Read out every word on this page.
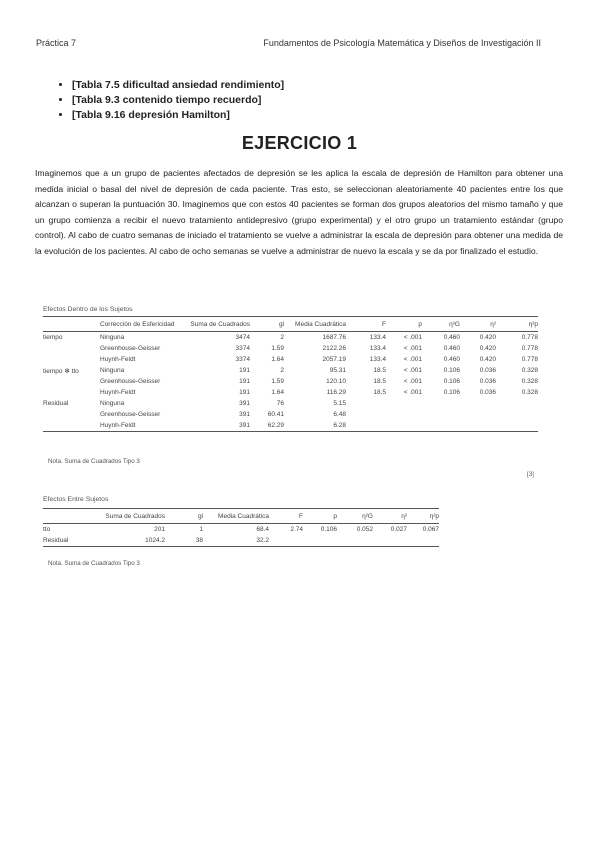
Práctica 7	Fundamentos de Psicología Matemática y Diseños de Investigación II
• [Tabla 7.5 dificultad ansiedad rendimiento]
• [Tabla 9.3 contenido tiempo recuerdo]
• [Tabla 9.16 depresión Hamilton]
EJERCICIO 1

Imaginemos que a un grupo de pacientes afectados de depresión se les aplica la escala de depresión de Hamilton para obtener una medida inicial o basal del nivel de depresión de cada paciente. Tras esto, se seleccionan aleatoriamente 40 pacientes entre los que alcanzan o superan la puntuación 30. Imaginemos que con estos 40 pacientes se forman dos grupos aleatorios del mismo tamaño y que un grupo comienza a recibir el nuevo tratamiento antidepresivo (grupo experimental) y el otro grupo un tratamiento estándar (grupo control). Al cabo de cuatro semanas de iniciado el tratamiento se vuelve a administrar la escala de depresión para obtener una medida de la evolución de los pacientes. Al cabo de ocho semanas se vuelve a administrar de nuevo la escala y se da por finalizado el estudio.

Efectos Dentro de los Sujetos
	Corrección de Esfericidad	Suma de Cuadrados	gl	Media Cuadrática	F	p	η²G	η²	η²p
tiempo	Ninguna	3474	2	1687.76	133.4	< .001	0.460	0.420	0.778
	Greenhouse-Geisser	3374	1.59	2122.26	133.4	< .001	0.460	0.420	0.778
	Huynh-Feldt	3374	1.64	2057.19	133.4	< .001	0.460	0.420	0.778
tiempo ✻ tto	Ninguna	191	2	95.31	18.5	< .001	0.106	0.036	0.328
	Greenhouse-Geisser	191	1.59	120.10	18.5	< .001	0.106	0.036	0.328
	Huynh-Feldt	191	1.64	116.29	18.5	< .001	0.106	0.036	0.328
Residual	Ninguna	391	76	5.15					
	Greenhouse-Geisser	391	60.41	6.48					
	Huynh-Feldt	391	62.29	6.28					
Nota. Suma de Cuadrados Tipo 3
[3]
Efectos Entre Sujetos
	Suma de Cuadrados	gl	Media Cuadrática	F	p	η²G	η²	η²p
tto	201	1	68.4	2.74	0.106	0.052	0.027	0.067
Residual	1024.2	38	32.2					
Nota. Suma de Cuadrados Tipo 3
